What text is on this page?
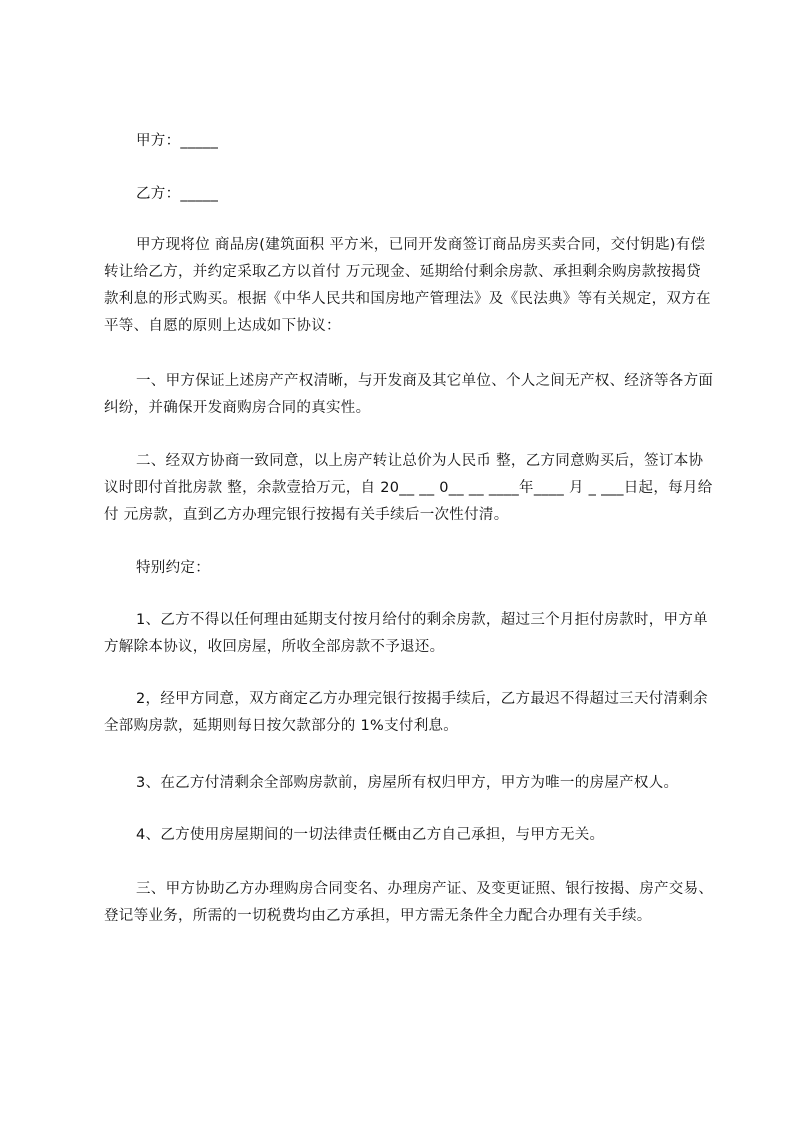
甲方：_____

乙方：_____

甲方现将位 商品房(建筑面积 平方米，已同开发商签订商品房买卖合同，交付钥匙)有偿转让给乙方，并约定采取乙方以首付 万元现金、延期给付剩余房款、承担剩余购房款按揭贷款利息的形式购买。根据《中华人民共和国房地产管理法》及《民法典》等有关规定，双方在平等、自愿的原则上达成如下协议：

一、甲方保证上述房产产权清晰，与开发商及其它单位、个人之间无产权、经济等各方面纠纷，并确保开发商购房合同的真实性。

二、经双方协商一致同意，以上房产转让总价为人民币 整，乙方同意购买后，签订本协议时即付首批房款 整，余款壹拾万元，自 20__ __ 0__ __ ____年____ 月 _ ___日起，每月给付 元房款，直到乙方办理完银行按揭有关手续后一次性付清。

特别约定：

1、乙方不得以任何理由延期支付按月给付的剩余房款，超过三个月拒付房款时，甲方单方解除本协议，收回房屋，所收全部房款不予退还。

2，经甲方同意，双方商定乙方办理完银行按揭手续后，乙方最迟不得超过三天付清剩余全部购房款，延期则每日按欠款部分的 1%支付利息。

3、在乙方付清剩余全部购房款前，房屋所有权归甲方，甲方为唯一的房屋产权人。

4、乙方使用房屋期间的一切法律责任概由乙方自己承担，与甲方无关。

三、甲方协助乙方办理购房合同变名、办理房产证、及变更证照、银行按揭、房产交易、登记等业务，所需的一切税费均由乙方承担，甲方需无条件全力配合办理有关手续。
